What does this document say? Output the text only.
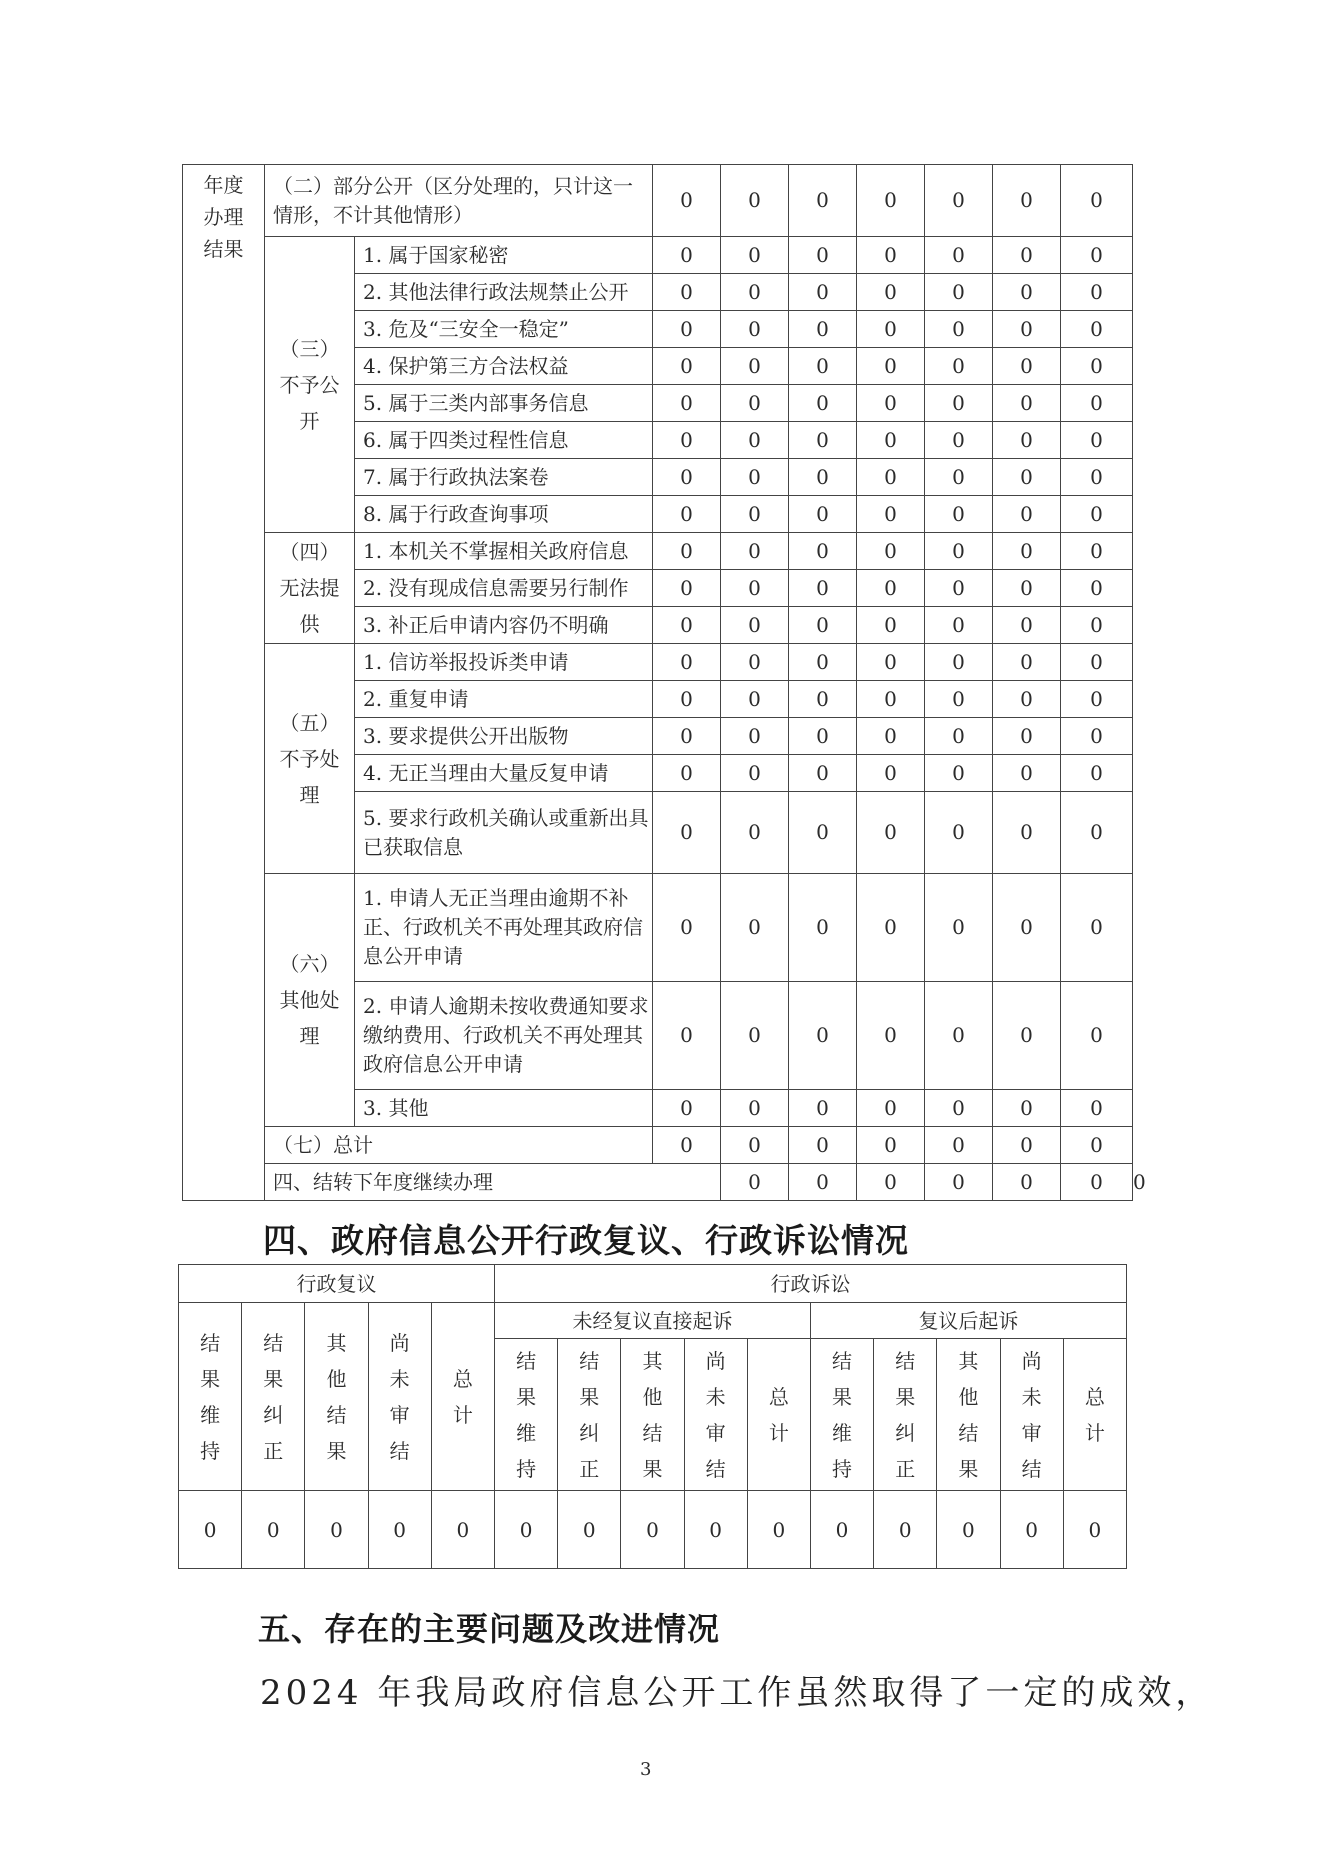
年度办理结果	（二）部分公开（区分处理的，只计这一情形，不计其他情形）		0	0	0	0	0	0	0	
	（三）不予公开	1. 属于国家秘密	0	0	0	0	0	0	0	
		2. 其他法律行政法规禁止公开	0	0	0	0	0	0	0	
		3. 危及“三安全一稳定”	0	0	0	0	0	0	0	
		4. 保护第三方合法权益	0	0	0	0	0	0	0	
		5. 属于三类内部事务信息	0	0	0	0	0	0	0	
		6. 属于四类过程性信息	0	0	0	0	0	0	0	
		7. 属于行政执法案卷	0	0	0	0	0	0	0	
		8. 属于行政查询事项	0	0	0	0	0	0	0	
	（四）无法提供	1. 本机关不掌握相关政府信息	0	0	0	0	0	0	0	
		2. 没有现成信息需要另行制作	0	0	0	0	0	0	0	
		3. 补正后申请内容仍不明确	0	0	0	0	0	0	0	
	（五）不予处理	1. 信访举报投诉类申请	0	0	0	0	0	0	0	
		2. 重复申请	0	0	0	0	0	0	0	
		3. 要求提供公开出版物	0	0	0	0	0	0	0	
		4. 无正当理由大量反复申请	0	0	0	0	0	0	0	
		5. 要求行政机关确认或重新出具已获取信息	0	0	0	0	0	0	0	
	（六）其他处理	1. 申请人无正当理由逾期不补正、行政机关不再处理其政府信息公开申请	0	0	0	0	0	0	0	
		2. 申请人逾期未按收费通知要求缴纳费用、行政机关不再处理其政府信息公开申请	0	0	0	0	0	0	0	
		3. 其他	0	0	0	0	0	0	0	
	（七）总计		0	0	0	0	0	0	0	
	四、结转下年度继续办理			0	0	0	0	0	0	0
四、政府信息公开行政复议、行政诉讼情况
行政复议					行政诉讼									
结果维持	结果纠正	其他结果	尚未审结	总计	未经复议直接起诉					复议后起诉				
					结果维持	结果纠正	其他结果	尚未审结	总计	结果维持	结果纠正	其他结果	尚未审结	总计
0	0	0	0	0	0	0	0	0	0	0	0	0	0	0
五、存在的主要问题及改进情况

2024 年我局政府信息公开工作虽然取得了一定的成效，

3
